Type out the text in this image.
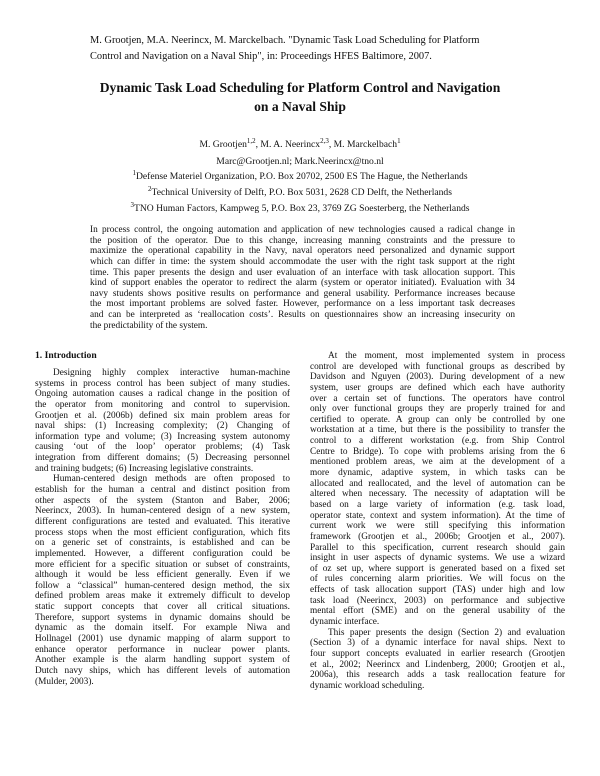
M. Grootjen, M.A. Neerincx, M. Marckelbach. "Dynamic Task Load Scheduling for Platform
Control and Navigation on a Naval Ship", in: Proceedings HFES Baltimore, 2007.
Dynamic Task Load Scheduling for Platform Control and Navigation
on a Naval Ship
M. Grootjen$^{1,2}$, M. A. Neerincx$^{2,3}$, M. Marckelbach$^1$
Marc@Grootjen.nl; Mark.Neerincx@tno.nl
$^1$Defense Materiel Organization, P.O. Box 20702, 2500 ES The Hague, the Netherlands
$^2$Technical University of Delft, P.O. Box 5031, 2628 CD Delft, the Netherlands
$^3$TNO Human Factors, Kampweg 5, P.O. Box 23, 3769 ZG Soesterberg, the Netherlands
In process control, the ongoing automation and application of new technologies caused a radical change in
the position of the operator. Due to this change, increasing manning constraints and the pressure to
maximize the operational capability in the Navy, naval operators need personalized and dynamic support
which can differ in time: the system should accommodate the user with the right task support at the right
time. This paper presents the design and user evaluation of an interface with task allocation support. This
kind of support enables the operator to redirect the alarm (system or operator initiated). Evaluation with 34
navy students shows positive results on performance and general usability. Performance increases because
the most important problems are solved faster. However, performance on a less important task decreases
and can be interpreted as ‘reallocation costs’. Results on questionnaires show an increasing insecurity on
the predictability of the system.
1. Introduction
Designing highly complex interactive human-machine
systems in process control has been subject of many studies.
Ongoing automation causes a radical change in the position of
the operator from monitoring and control to supervision.
Grootjen et al. (2006b) defined six main problem areas for
naval ships: (1) Increasing complexity; (2) Changing of
information type and volume; (3) Increasing system autonomy
causing ‘out of the loop’ operator problems; (4) Task
integration from different domains; (5) Decreasing personnel
and training budgets; (6) Increasing legislative constraints.
Human-centered design methods are often proposed to
establish for the human a central and distinct position from
other aspects of the system (Stanton and Baber, 2006;
Neerincx, 2003). In human-centered design of a new system,
different configurations are tested and evaluated. This iterative
process stops when the most efficient configuration, which fits
on a generic set of constraints, is established and can be
implemented. However, a different configuration could be
more efficient for a specific situation or subset of constraints,
although it would be less efficient generally. Even if we
follow a “classical” human-centered design method, the six
defined problem areas make it extremely difficult to develop
static support concepts that cover all critical situations.
Therefore, support systems in dynamic domains should be
dynamic as the domain itself. For example Niwa and
Hollnagel (2001) use dynamic mapping of alarm support to
enhance operator performance in nuclear power plants.
Another example is the alarm handling support system of
Dutch navy ships, which has different levels of automation
(Mulder, 2003).
At the moment, most implemented system in process
control are developed with functional groups as described by
Davidson and Nguyen (2003). During development of a new
system, user groups are defined which each have authority
over a certain set of functions. The operators have control
only over functional groups they are properly trained for and
certified to operate. A group can only be controlled by one
workstation at a time, but there is the possibility to transfer the
control to a different workstation (e.g. from Ship Control
Centre to Bridge). To cope with problems arising from the 6
mentioned problem areas, we aim at the development of a
more dynamic, adaptive system, in which tasks can be
allocated and reallocated, and the level of automation can be
altered when necessary. The necessity of adaptation will be
based on a large variety of information (e.g. task load,
operator state, context and system information). At the time of
current work we were still specifying this information
framework (Grootjen et al., 2006b; Grootjen et al., 2007).
Parallel to this specification, current research should gain
insight in user aspects of dynamic systems. We use a wizard
of oz set up, where support is generated based on a fixed set
of rules concerning alarm priorities. We will focus on the
effects of task allocation support (TAS) under high and low
task load (Neerincx, 2003) on performance and subjective
mental effort (SME) and on the general usability of the
dynamic interface.
This paper presents the design (Section 2) and evaluation
(Section 3) of a dynamic interface for naval ships. Next to
four support concepts evaluated in earlier research (Grootjen
et al., 2002; Neerincx and Lindenberg, 2000; Grootjen et al.,
2006a), this research adds a task reallocation feature for
dynamic workload scheduling.
